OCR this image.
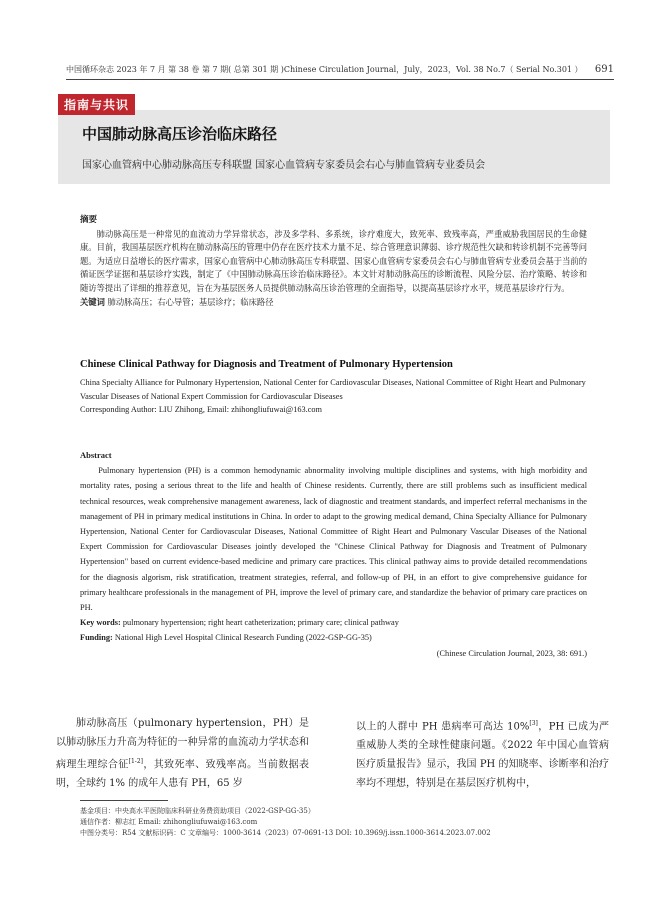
中国循环杂志 2023 年 7 月 第 38 卷 第 7 期( 总第 301 期 )Chinese Circulation Journal，July，2023，Vol. 38 No.7（ Serial No.301 ） 691
指南与共识
中国肺动脉高压诊治临床路径
国家心血管病中心肺动脉高压专科联盟 国家心血管病专家委员会右心与肺血管病专业委员会
摘要

肺动脉高压是一种常见的血流动力学异常状态，涉及多学科、多系统，诊疗难度大，致死率、致残率高，严重威胁我国居民的生命健康。目前，我国基层医疗机构在肺动脉高压的管理中仍存在医疗技术力量不足、综合管理意识薄弱、诊疗规范性欠缺和转诊机制不完善等问题。为适应日益增长的医疗需求，国家心血管病中心肺动脉高压专科联盟、国家心血管病专家委员会右心与肺血管病专业委员会基于当前的循证医学证据和基层诊疗实践，制定了《中国肺动脉高压诊治临床路径》。本文针对肺动脉高压的诊断流程、风险分层、治疗策略、转诊和随访等提出了详细的推荐意见，旨在为基层医务人员提供肺动脉高压诊治管理的全面指导，以提高基层诊疗水平，规范基层诊疗行为。

关键词 肺动脉高压；右心导管；基层诊疗；临床路径
Chinese Clinical Pathway for Diagnosis and Treatment of Pulmonary Hypertension
China Specialty Alliance for Pulmonary Hypertension, National Center for Cardiovascular Diseases, National Committee of Right Heart and Pulmonary Vascular Diseases of National Expert Commission for Cardiovascular Diseases
Corresponding Author: LIU Zhihong, Email: zhihongliufuwai@163.com
Abstract

Pulmonary hypertension (PH) is a common hemodynamic abnormality involving multiple disciplines and systems, with high morbidity and mortality rates, posing a serious threat to the life and health of Chinese residents. Currently, there are still problems such as insufficient medical technical resources, weak comprehensive management awareness, lack of diagnostic and treatment standards, and imperfect referral mechanisms in the management of PH in primary medical institutions in China. In order to adapt to the growing medical demand, China Specialty Alliance for Pulmonary Hypertension, National Center for Cardiovascular Diseases, National Committee of Right Heart and Pulmonary Vascular Diseases of the National Expert Commission for Cardiovascular Diseases jointly developed the "Chinese Clinical Pathway for Diagnosis and Treatment of Pulmonary Hypertension" based on current evidence-based medicine and primary care practices. This clinical pathway aims to provide detailed recommendations for the diagnosis algorism, risk stratification, treatment strategies, referral, and follow-up of PH, in an effort to give comprehensive guidance for primary healthcare professionals in the management of PH, improve the level of primary care, and standardize the behavior of primary care practices on PH.

Key words: pulmonary hypertension; right heart catheterization; primary care; clinical pathway
Funding: National High Level Hospital Clinical Research Funding (2022-GSP-GG-35)
(Chinese Circulation Journal, 2023, 38: 691.)

肺动脉高压（pulmonary hypertension，PH）是以肺动脉压力升高为特征的一种异常的血流动力学状态和病理生理综合征[1-2]，其致死率、致残率高。当前数据表明，全球约 1% 的成年人患有 PH，65 岁

以上的人群中 PH 患病率可高达 10%[3]，PH 已成为严重威胁人类的全球性健康问题。《2022 年中国心血管病医疗质量报告》显示，我国 PH 的知晓率、诊断率和治疗率均不理想，特别是在基层医疗机构中，

基金项目：中央高水平医院临床科研业务费资助项目（2022-GSP-GG-35）
通信作者：柳志红 Email: zhihongliufuwai@163.com
中图分类号：R54 文献标识码：C 文章编号：1000-3614（2023）07-0691-13 DOI: 10.3969/j.issn.1000-3614.2023.07.002
